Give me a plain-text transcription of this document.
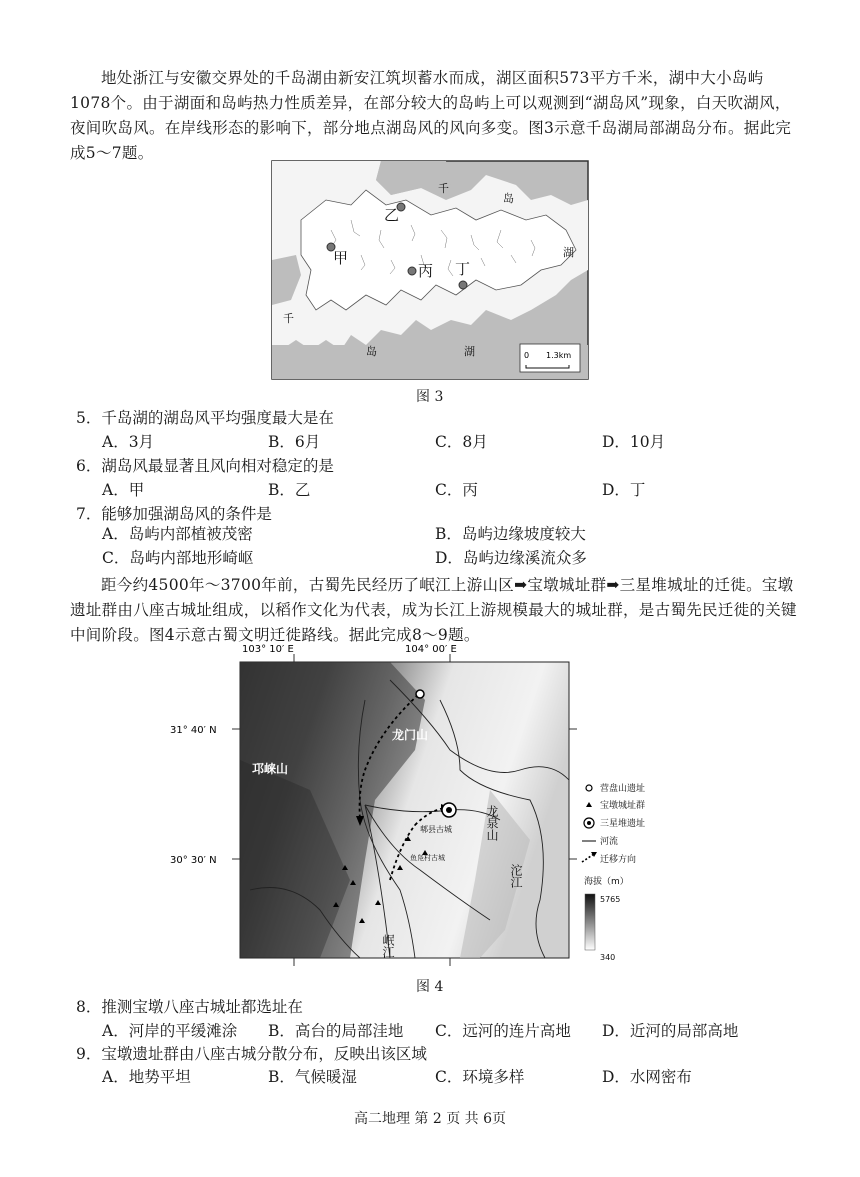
地处浙江与安徽交界处的千岛湖由新安江筑坝蓄水而成，湖区面积573平方千米，湖中大小岛屿1078个。由于湖面和岛屿热力性质差异，在部分较大的岛屿上可以观测到“湖岛风”现象，白天吹湖风，夜间吹岛风。在岸线形态的影响下，部分地点湖岛风的风向多变。图3示意千岛湖局部湖岛分布。据此完成5～7题。

甲
乙
丙 丁
千
岛
湖
千
岛	湖	0 1.3km
图 3

5．千岛湖的湖岛风平均强度最大是在

A．3月	B．6月	C．8月	D．10月

6．湖岛风最显著且风向相对稳定的是

A．甲	B．乙	C．丙	D．丁

7．能够加强湖岛风的条件是

A．岛屿内部植被茂密	B．岛屿边缘坡度较大
C．岛屿内部地形崎岖	D．岛屿边缘溪流众多

距今约4500年～3700年前，古蜀先民经历了岷江上游山区➡宝墩城址群➡三星堆城址的迁徙。宝墩遗址群由八座古城址组成，以稻作文化为代表，成为长江上游规模最大的城址群，是古蜀先民迁徙的关键中间阶段。图4示意古蜀文明迁徙路线。据此完成8～9题。

103° 10′ E	104° 00′ E
31° 40′ N
30° 30′ N
龙门山
邛崃山
郫县古城
鱼凫村古城
岷江
沱江
龙泉山
营盘山遗址
宝墩城址群
三星堆遗址
河流
迁移方向
海拔（m）
5765
340
图 4

8．推测宝墩八座古城址都选址在

A．河岸的平缓滩涂 B．高台的局部洼地 C．远河的连片高地 D．近河的局部高地

9．宝墩遗址群由八座古城分散分布，反映出该区域

A．地势平坦	B．气候暖湿	C．环境多样	D．水网密布
高二地理 第 2 页 共 6页
